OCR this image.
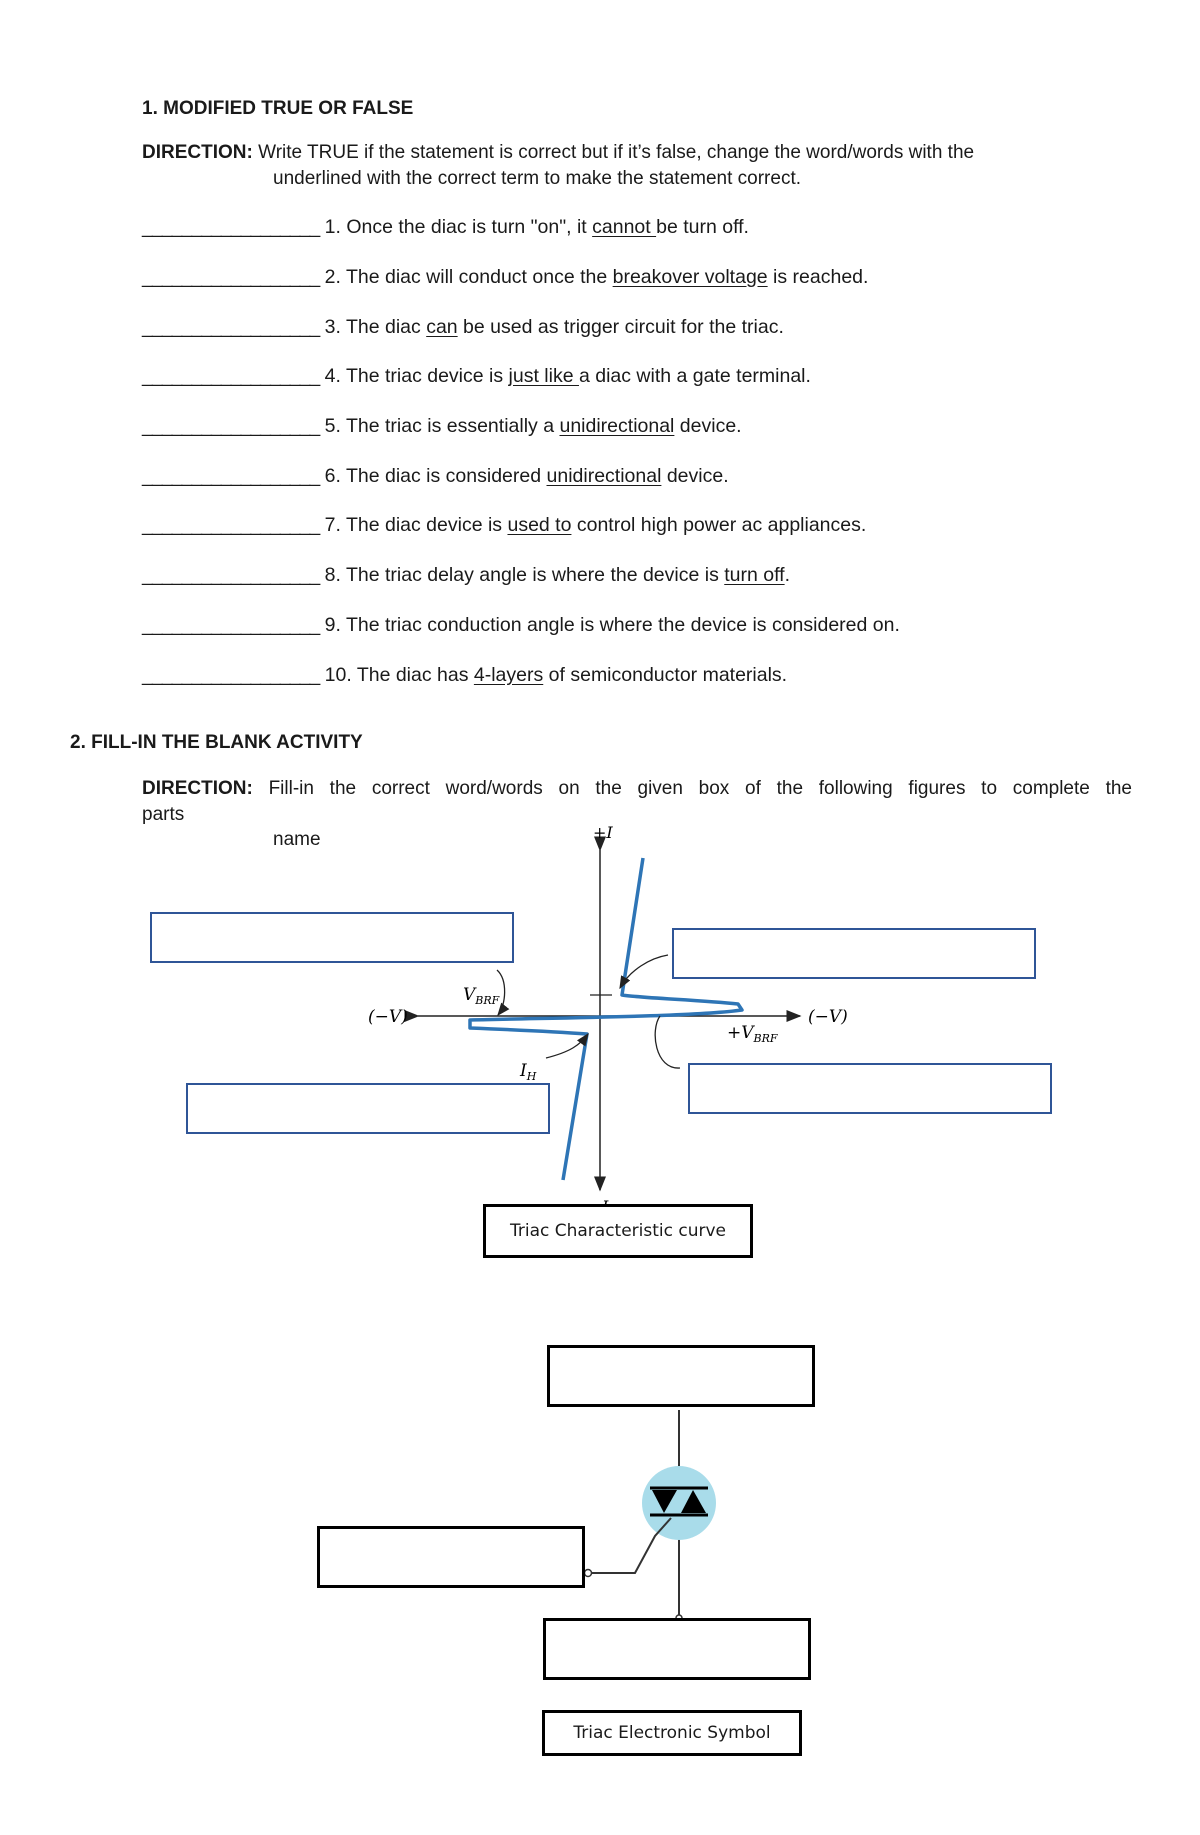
1. MODIFIED TRUE OR FALSE
DIRECTION: Write TRUE if the statement is correct but if it’s false, change the word/words with the
underlined with the correct term to make the statement correct.
__________________ 1. Once the diac is turn "on", it cannot be turn off.
__________________ 2. The diac will conduct once the breakover voltage is reached.
__________________ 3. The diac can be used as trigger circuit for the triac.
__________________ 4. The triac device is just like a diac with a gate terminal.
__________________ 5. The triac is essentially a unidirectional device.
__________________ 6. The diac is considered unidirectional device.
__________________ 7. The diac device is used to control high power ac appliances.
__________________ 8. The triac delay angle is where the device is turn off.
__________________ 9. The triac conduction angle is where the device is considered on.
__________________ 10. The diac has 4-layers of semiconductor materials.
2. FILL-IN THE BLANK ACTIVITY
DIRECTION: Fill-in the correct word/words on the given box of the following figures to complete the
parts
name	+I
(−V)	(−V)
$V_{BRF}$
$+V_{BRF}$
$I_H$
Triac Characteristic curve
Triac Electronic Symbol
